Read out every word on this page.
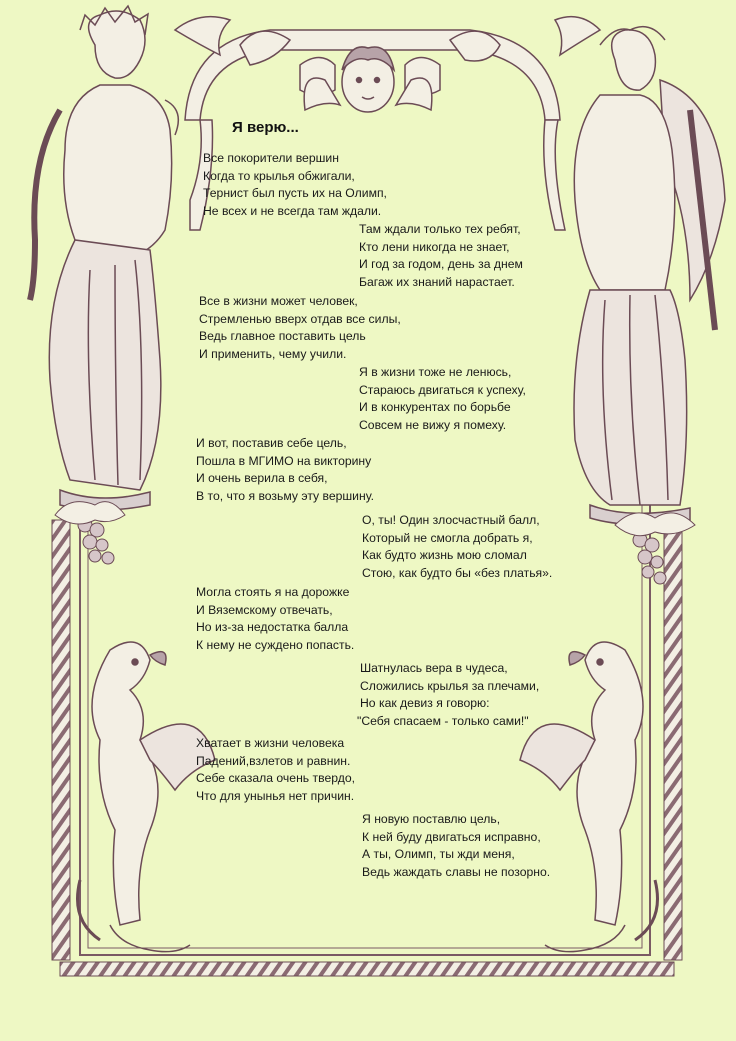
Я верю...
Все покорители вершин
Когда то крылья обжигали,
Тернист был пусть их на Олимп,
Не всех и не всегда там ждали.
Там ждали только тех ребят,
Кто лени никогда не знает,
И год за годом, день за днем
Багаж их знаний нарастает.
Все в жизни может человек,
Стремленью вверх отдав все силы,
Ведь главное поставить цель
И применить, чему учили.
Я в жизни тоже не ленюсь,
Стараюсь двигаться к успеху,
И в конкурентах по борьбе
Совсем не вижу я помеху.
И вот, поставив себе цель,
Пошла в МГИМО на викторину
И очень верила в себя,
В то, что я возьму эту вершину.
О, ты! Один злосчастный балл,
Который не смогла добрать я,
Как будто жизнь мою сломал
Стою, как будто бы «без платья».
Могла стоять я на дорожке
И Вяземскому отвечать,
Но из-за недостатка балла
К нему не суждено попасть.
Шатнулась вера в чудеса,
Сложились крылья за плечами,
Но как девиз я говорю:
"Себя спасаем - только сами!"
Хватает в жизни человека
Падений,взлетов и равнин.
Себе сказала очень твердо,
Что для унынья нет причин.
Я новую поставлю цель,
К ней буду двигаться исправно,
А ты, Олимп, ты жди меня,
Ведь жаждать славы не позорно.
